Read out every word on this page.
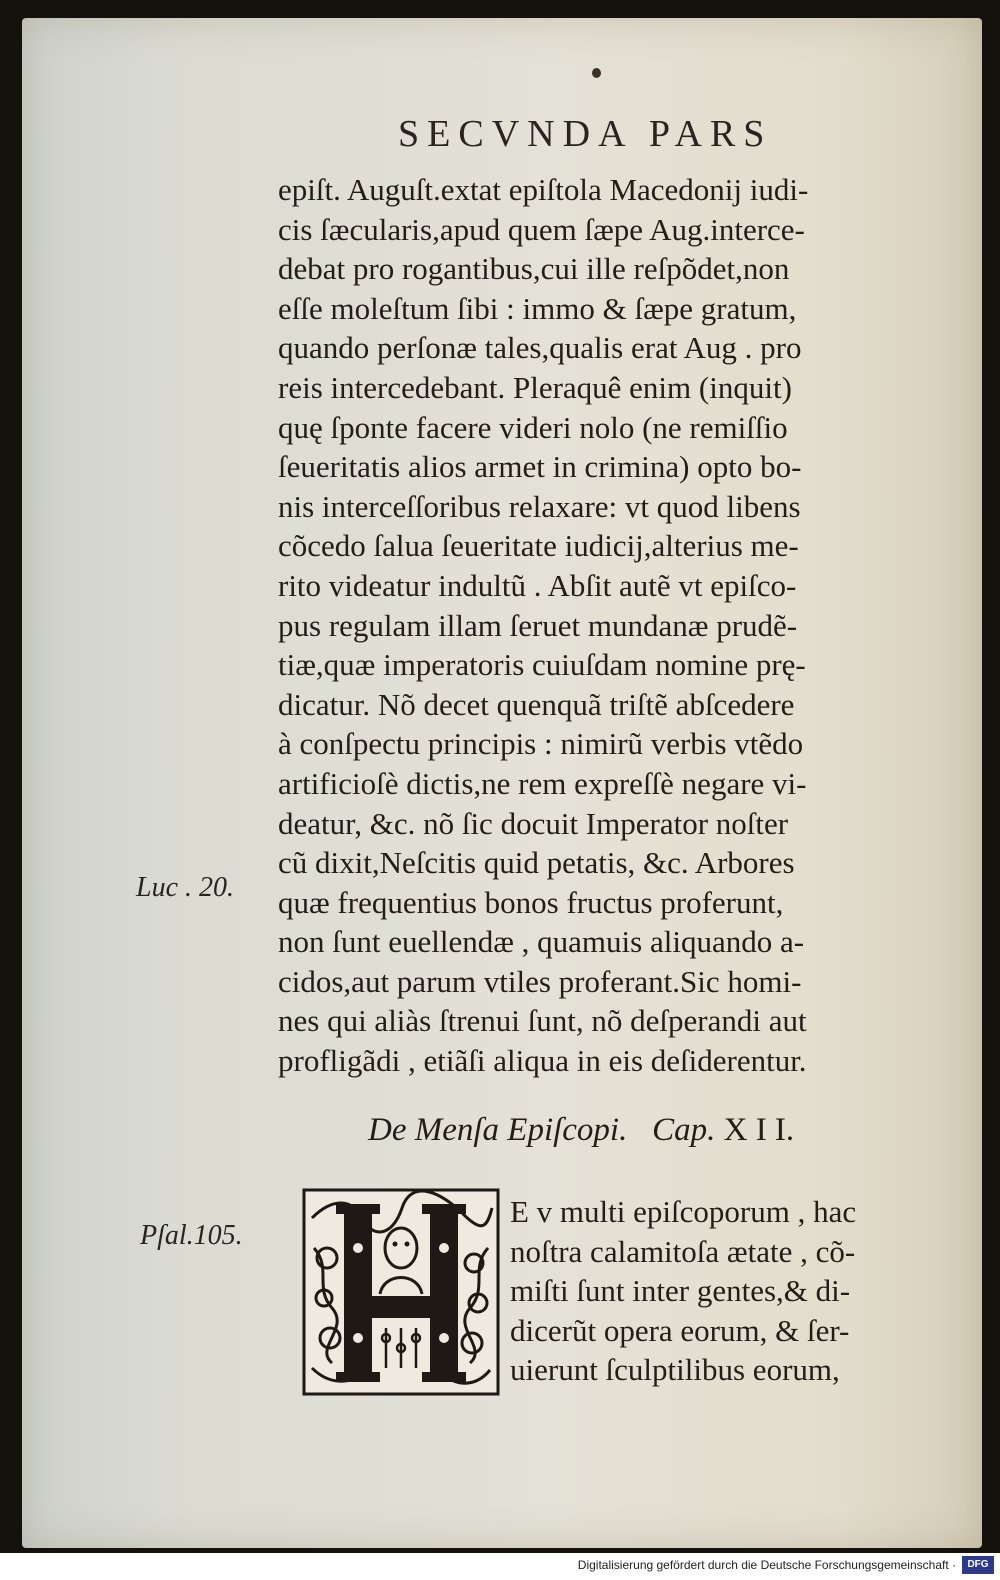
SECVNDA PARS
epiſt. Auguſt.extat epiſtola Macedonij iudi-
cis ſæcularis,apud quem ſæpe Aug.interce-
debat pro rogantibus,cui ille reſpõdet,non
eſſe moleſtum ſibi : immo & ſæpe gratum,
quando perſonæ tales,qualis erat Aug . pro
reis intercedebant. Pleraquê enim (inquit)
quę ſponte facere videri nolo (ne remiſſio
ſeueritatis alios armet in crimina) opto bo-
nis interceſſoribus relaxare: vt quod libens
cõcedo ſalua ſeueritate iudicij,alterius me-
rito videatur indultũ . Abſit autẽ vt epiſco-
pus regulam illam ſeruet mundanæ prudẽ-
tiæ,quæ imperatoris cuiuſdam nomine prę-
dicatur. Nõ decet quenquã triſtẽ abſcedere
à conſpectu principis : nimirũ verbis vtẽdo
artificioſè dictis,ne rem expreſſè negare vi-
deatur, &c. nõ ſic docuit Imperator noſter
cũ dixit,Neſcitis quid petatis, &c. Arbores
quæ frequentius bonos fructus proferunt,
non ſunt euellendæ , quamuis aliquando a-
cidos,aut parum vtiles proferant.Sic homi-
nes qui aliàs ſtrenui ſunt, nõ deſperandi aut
profligãdi , etiãſi aliqua in eis deſiderentur.
Luc . 20.
Pſal.105.
De Menſa Epiſcopi. Cap. X I I.
E v multi epiſcoporum , hac
noſtra calamitoſa ætate , cõ-
miſti ſunt inter gentes,& di-
dicerũt opera eorum, & ſer-
uierunt ſculptilibus eorum,
Digitalisierung gefördert durch die Deutsche Forschungsgemeinschaft ·	DFG
